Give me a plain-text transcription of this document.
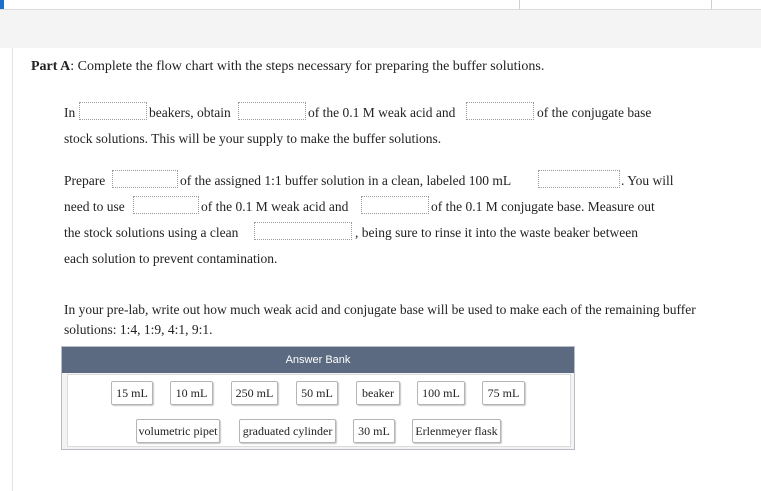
Part A: Complete the flow chart with the steps necessary for preparing the buffer solutions.
In	beakers, obtain	of the 0.1 M weak acid and	of the conjugate base
stock solutions. This will be your supply to make the buffer solutions.
Prepare	of the assigned 1:1 buffer solution in a clean, labeled 100 mL	. You will
need to use	of the 0.1 M weak acid and	of the 0.1 M conjugate base. Measure out
the stock solutions using a clean	, being sure to rinse it into the waste beaker between
each solution to prevent contamination.
In your pre-lab, write out how much weak acid and conjugate base will be used to make each of the remaining buffer
solutions: 1:4, 1:9, 4:1, 9:1.
Answer Bank
15 mL	10 mL	250 mL	50 mL	beaker	100 mL	75 mL
volumetric pipet	graduated cylinder	30 mL	Erlenmeyer flask
